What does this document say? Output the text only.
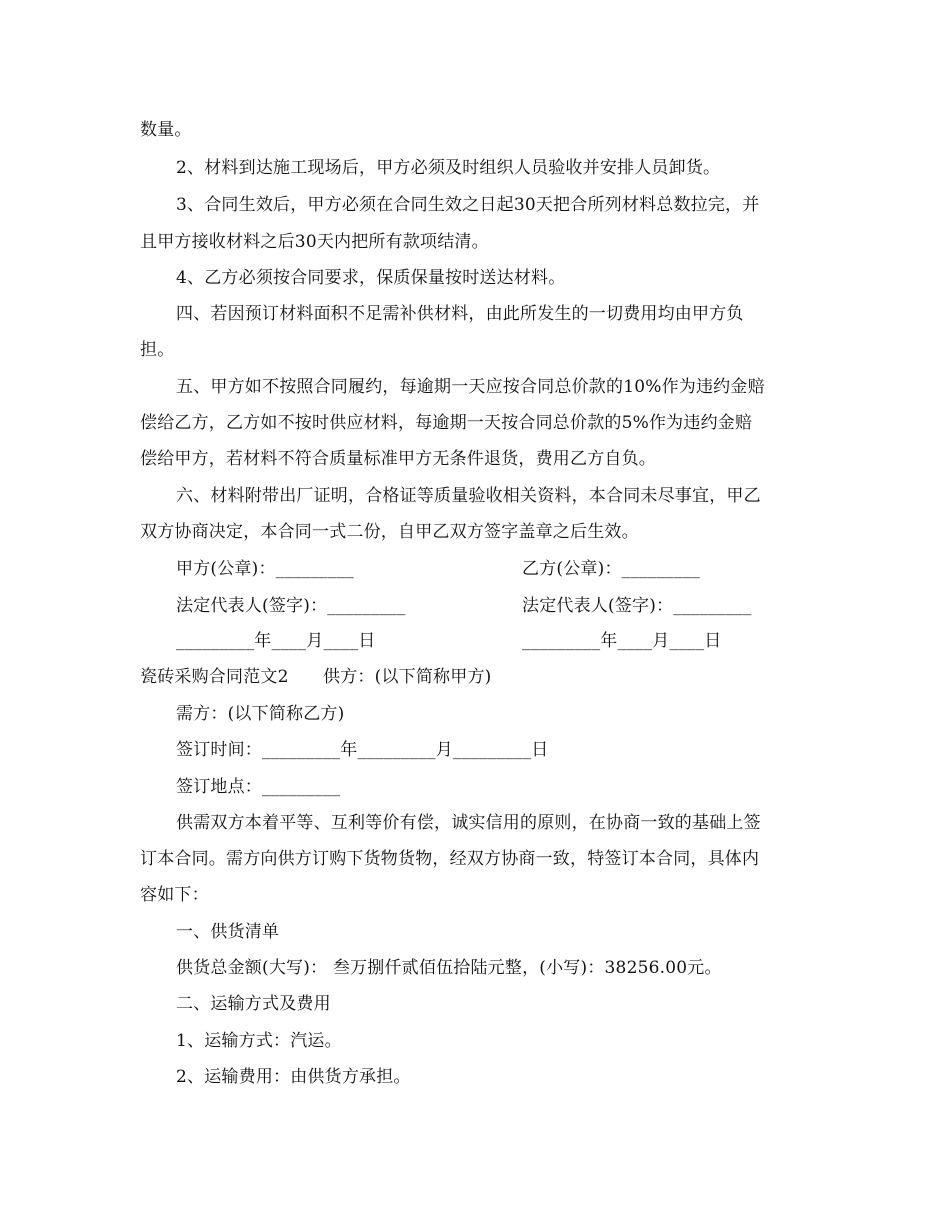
数量。
2、材料到达施工现场后，甲方必须及时组织人员验收并安排人员卸货。
3、合同生效后，甲方必须在合同生效之日起30天把合所列材料总数拉完，并
且甲方接收材料之后30天内把所有款项结清。
4、乙方必须按合同要求，保质保量按时送达材料。
四、若因预订材料面积不足需补供材料，由此所发生的一切费用均由甲方负
担。
五、甲方如不按照合同履约，每逾期一天应按合同总价款的10%作为违约金赔
偿给乙方，乙方如不按时供应材料，每逾期一天按合同总价款的5%作为违约金赔
偿给甲方，若材料不符合质量标准甲方无条件退货，费用乙方自负。
六、材料附带出厂证明，合格证等质量验收相关资料，本合同未尽事宜，甲乙
双方协商决定，本合同一式二份，自甲乙双方签字盖章之后生效。
甲方(公章)：_________	乙方(公章)：_________
法定代表人(签字)：_________	法定代表人(签字)：_________
_________年____月____日	_________年____月____日
瓷砖采购合同范文2　　供方：(以下简称甲方)
需方：(以下简称乙方)
签订时间：_________年_________月_________日
签订地点：_________
供需双方本着平等、互利等价有偿，诚实信用的原则，在协商一致的基础上签
订本合同。需方向供方订购下货物货物，经双方协商一致，特签订本合同，具体内
容如下：
一、供货清单
供货总金额(大写)： 叁万捌仟贰佰伍拾陆元整，(小写)：38256.00元。
二、运输方式及费用
1、运输方式：汽运。
2、运输费用：由供货方承担。
